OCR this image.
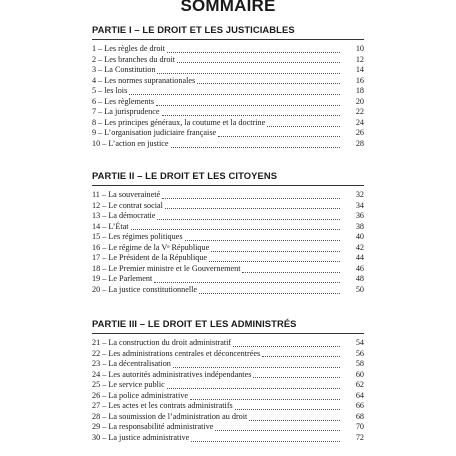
SOMMAIRE
PARTIE I – LE DROIT ET LES JUSTICIABLES
1 – Les règles de droit	10
2 – Les branches du droit	12
3 – La Constitution	14
4 – Les normes supranationales	16
5 – les lois	18
6 – Les règlements	20
7 – La jurisprudence	22
8 – Les principes généraux, la coutume et la doctrine	24
9 – L’organisation judiciaire française	26
10 – L’action en justice	28
PARTIE II – LE DROIT ET LES CITOYENS
11 – La souveraineté	32
12 – Le contrat social	34
13 – La démocratie	36
14 – L’État	38
15 – Les régimes politiques	40
16 – Le régime de la Vᵉ République	42
17 – Le Président de la République	44
18 – Le Premier ministre et le Gouvernement	46
19 – Le Parlement	48
20 – La justice constitutionnelle	50
PARTIE III – LE DROIT ET LES ADMINISTRÉS
21 – La construction du droit administratif	54
22 – Les administrations centrales et déconcentrées	56
23 – La décentralisation	58
24 – Les autorités administratives indépendantes	60
25 – Le service public	62
26 – La police administrative	64
27 – Les actes et les contrats administratifs	66
28 – La soumission de l’administration au droit	68
29 – La responsabilité administrative	70
30 – La justice administrative	72
